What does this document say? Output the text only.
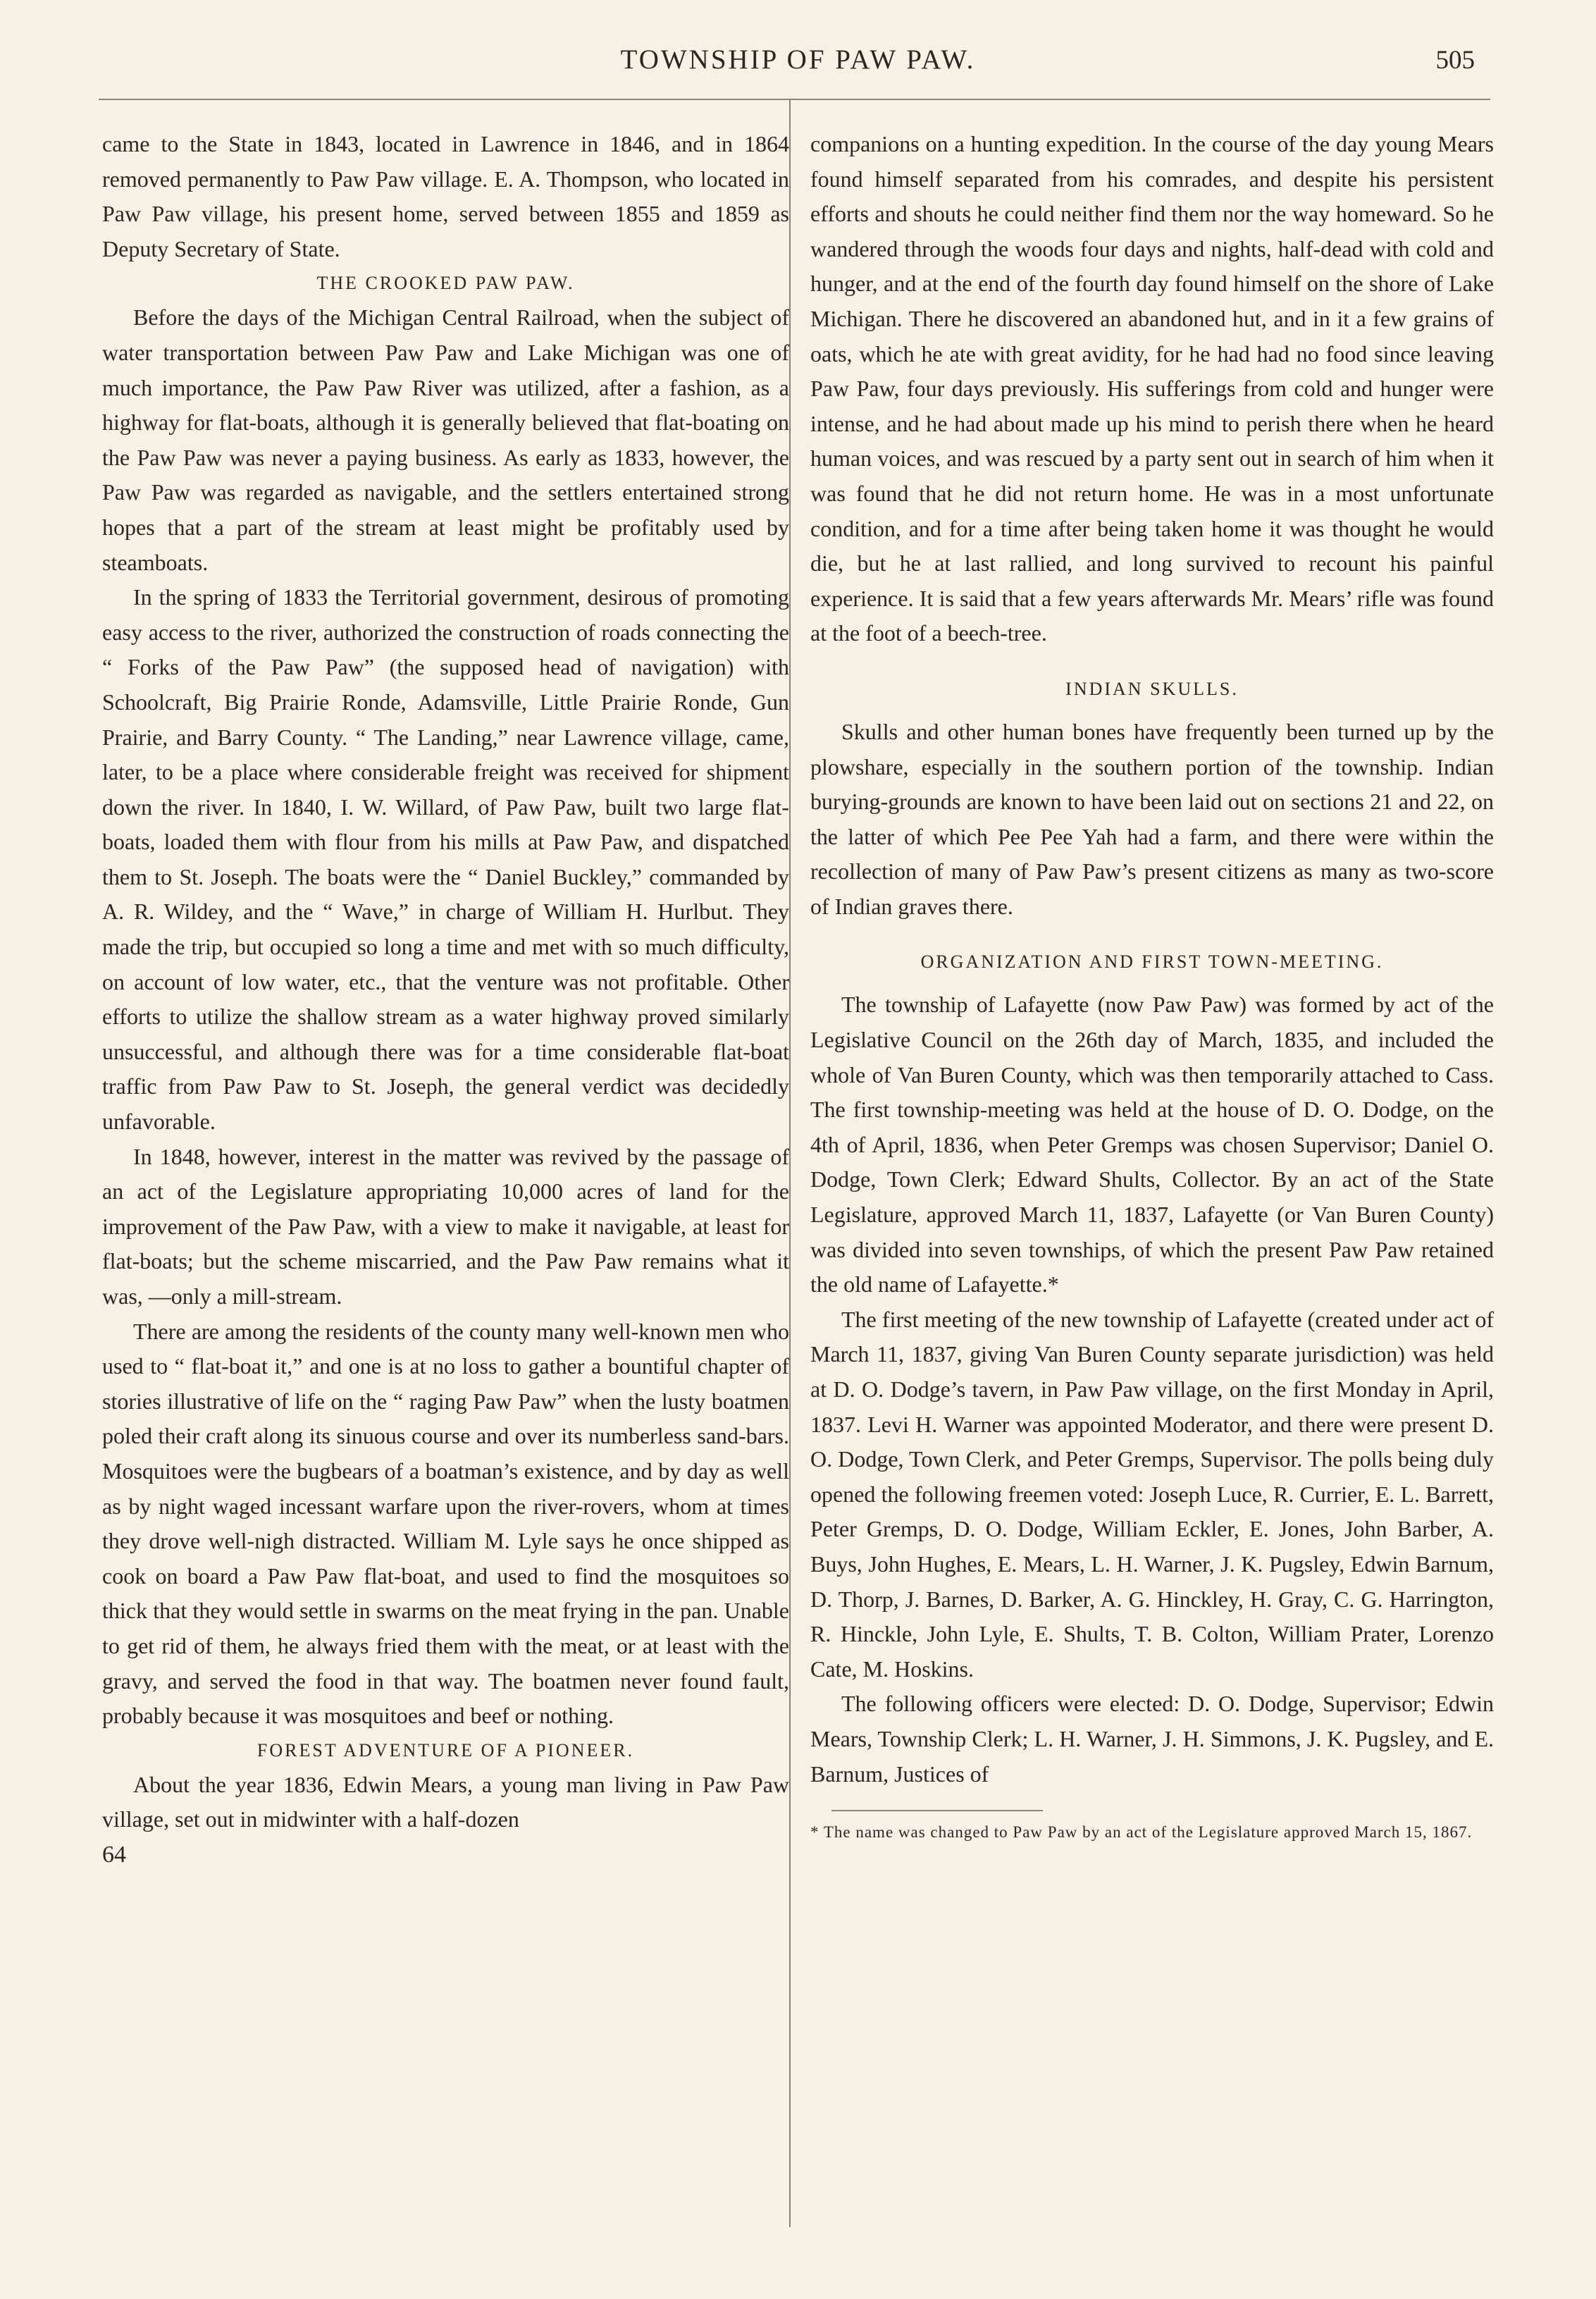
TOWNSHIP OF PAW PAW.	505

came to the State in 1843, located in Lawrence in 1846, and in 1864 removed permanently to Paw Paw village. E. A. Thompson, who located in Paw Paw village, his present home, served between 1855 and 1859 as Deputy Secretary of State.

THE CROOKED PAW PAW.

Before the days of the Michigan Central Railroad, when the subject of water transportation between Paw Paw and Lake Michigan was one of much importance, the Paw Paw River was utilized, after a fashion, as a highway for flat-boats, although it is generally believed that flat-boating on the Paw Paw was never a paying business. As early as 1833, however, the Paw Paw was regarded as navigable, and the settlers entertained strong hopes that a part of the stream at least might be profitably used by steamboats.

In the spring of 1833 the Territorial government, desirous of promoting easy access to the river, authorized the construction of roads connecting the “ Forks of the Paw Paw” (the supposed head of navigation) with Schoolcraft, Big Prairie Ronde, Adamsville, Little Prairie Ronde, Gun Prairie, and Barry County. “ The Landing,” near Lawrence village, came, later, to be a place where considerable freight was received for shipment down the river. In 1840, I. W. Willard, of Paw Paw, built two large flat-boats, loaded them with flour from his mills at Paw Paw, and dispatched them to St. Joseph. The boats were the “ Daniel Buckley,” commanded by A. R. Wildey, and the “ Wave,” in charge of William H. Hurlbut. They made the trip, but occupied so long a time and met with so much difficulty, on account of low water, etc., that the venture was not profitable. Other efforts to utilize the shallow stream as a water highway proved similarly unsuccessful, and although there was for a time considerable flat-boat traffic from Paw Paw to St. Joseph, the general verdict was decidedly unfavorable.

In 1848, however, interest in the matter was revived by the passage of an act of the Legislature appropriating 10,000 acres of land for the improvement of the Paw Paw, with a view to make it navigable, at least for flat-boats; but the scheme miscarried, and the Paw Paw remains what it was, —only a mill-stream.

There are among the residents of the county many well-known men who used to “ flat-boat it,” and one is at no loss to gather a bountiful chapter of stories illustrative of life on the “ raging Paw Paw” when the lusty boatmen poled their craft along its sinuous course and over its numberless sand-bars. Mosquitoes were the bugbears of a boatman’s existence, and by day as well as by night waged incessant warfare upon the river-rovers, whom at times they drove well-nigh distracted. William M. Lyle says he once shipped as cook on board a Paw Paw flat-boat, and used to find the mosquitoes so thick that they would settle in swarms on the meat frying in the pan. Unable to get rid of them, he always fried them with the meat, or at least with the gravy, and served the food in that way. The boatmen never found fault, probably because it was mosquitoes and beef or nothing.

FOREST ADVENTURE OF A PIONEER.

About the year 1836, Edwin Mears, a young man living in Paw Paw village, set out in midwinter with a half-dozen

64

companions on a hunting expedition. In the course of the day young Mears found himself separated from his comrades, and despite his persistent efforts and shouts he could neither find them nor the way homeward. So he wandered through the woods four days and nights, half-dead with cold and hunger, and at the end of the fourth day found himself on the shore of Lake Michigan. There he discovered an abandoned hut, and in it a few grains of oats, which he ate with great avidity, for he had had no food since leaving Paw Paw, four days previously. His sufferings from cold and hunger were intense, and he had about made up his mind to perish there when he heard human voices, and was rescued by a party sent out in search of him when it was found that he did not return home. He was in a most unfortunate condition, and for a time after being taken home it was thought he would die, but he at last rallied, and long survived to recount his painful experience. It is said that a few years afterwards Mr. Mears’ rifle was found at the foot of a beech-tree.

INDIAN SKULLS.

Skulls and other human bones have frequently been turned up by the plowshare, especially in the southern portion of the township. Indian burying-grounds are known to have been laid out on sections 21 and 22, on the latter of which Pee Pee Yah had a farm, and there were within the recollection of many of Paw Paw’s present citizens as many as two-score of Indian graves there.

ORGANIZATION AND FIRST TOWN-MEETING.

The township of Lafayette (now Paw Paw) was formed by act of the Legislative Council on the 26th day of March, 1835, and included the whole of Van Buren County, which was then temporarily attached to Cass. The first township-meeting was held at the house of D. O. Dodge, on the 4th of April, 1836, when Peter Gremps was chosen Supervisor; Daniel O. Dodge, Town Clerk; Edward Shults, Collector. By an act of the State Legislature, approved March 11, 1837, Lafayette (or Van Buren County) was divided into seven townships, of which the present Paw Paw retained the old name of Lafayette.*

The first meeting of the new township of Lafayette (created under act of March 11, 1837, giving Van Buren County separate jurisdiction) was held at D. O. Dodge’s tavern, in Paw Paw village, on the first Monday in April, 1837. Levi H. Warner was appointed Moderator, and there were present D. O. Dodge, Town Clerk, and Peter Gremps, Supervisor. The polls being duly opened the following freemen voted: Joseph Luce, R. Currier, E. L. Barrett, Peter Gremps, D. O. Dodge, William Eckler, E. Jones, John Barber, A. Buys, John Hughes, E. Mears, L. H. Warner, J. K. Pugsley, Edwin Barnum, D. Thorp, J. Barnes, D. Barker, A. G. Hinckley, H. Gray, C. G. Harrington, R. Hinckle, John Lyle, E. Shults, T. B. Colton, William Prater, Lorenzo Cate, M. Hoskins.

The following officers were elected: D. O. Dodge, Supervisor; Edwin Mears, Township Clerk; L. H. Warner, J. H. Simmons, J. K. Pugsley, and E. Barnum, Justices of

* The name was changed to Paw Paw by an act of the Legislature approved March 15, 1867.
